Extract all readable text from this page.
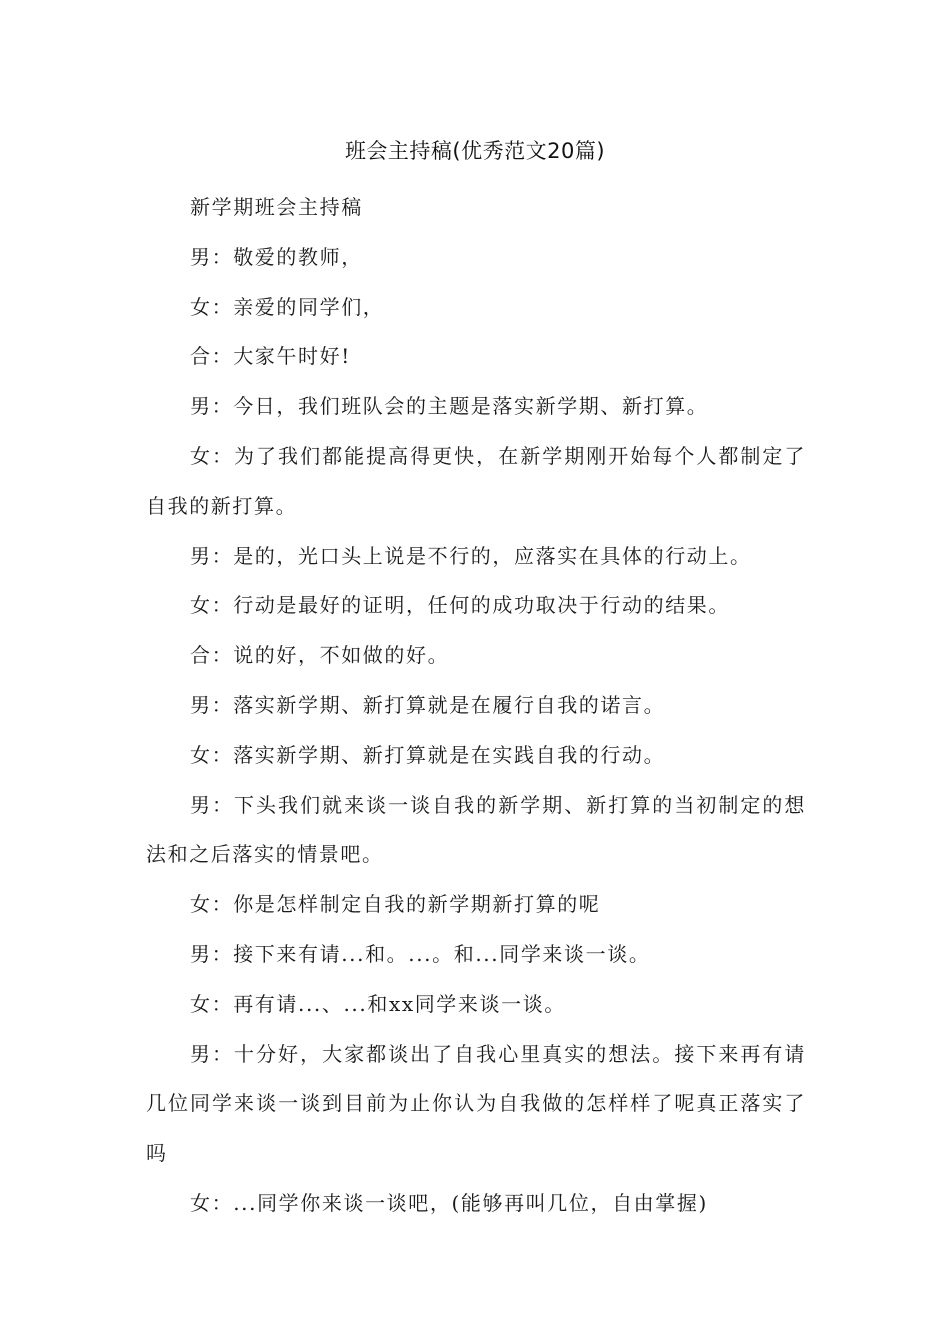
班会主持稿(优秀范文20篇)

新学期班会主持稿

男：敬爱的教师，

女：亲爱的同学们，

合：大家午时好!

男：今日，我们班队会的主题是落实新学期、新打算。

女：为了我们都能提高得更快，在新学期刚开始每个人都制定了自我的新打算。

男：是的，光口头上说是不行的，应落实在具体的行动上。

女：行动是最好的证明，任何的成功取决于行动的结果。

合：说的好，不如做的好。

男：落实新学期、新打算就是在履行自我的诺言。

女：落实新学期、新打算就是在实践自我的行动。

男：下头我们就来谈一谈自我的新学期、新打算的当初制定的想法和之后落实的情景吧。

女：你是怎样制定自我的新学期新打算的呢

男：接下来有请...和。...。和...同学来谈一谈。

女：再有请...、...和xx同学来谈一谈。

男：十分好，大家都谈出了自我心里真实的想法。接下来再有请几位同学来谈一谈到目前为止你认为自我做的怎样样了呢真正落实了吗

女：...同学你来谈一谈吧，(能够再叫几位，自由掌握)
